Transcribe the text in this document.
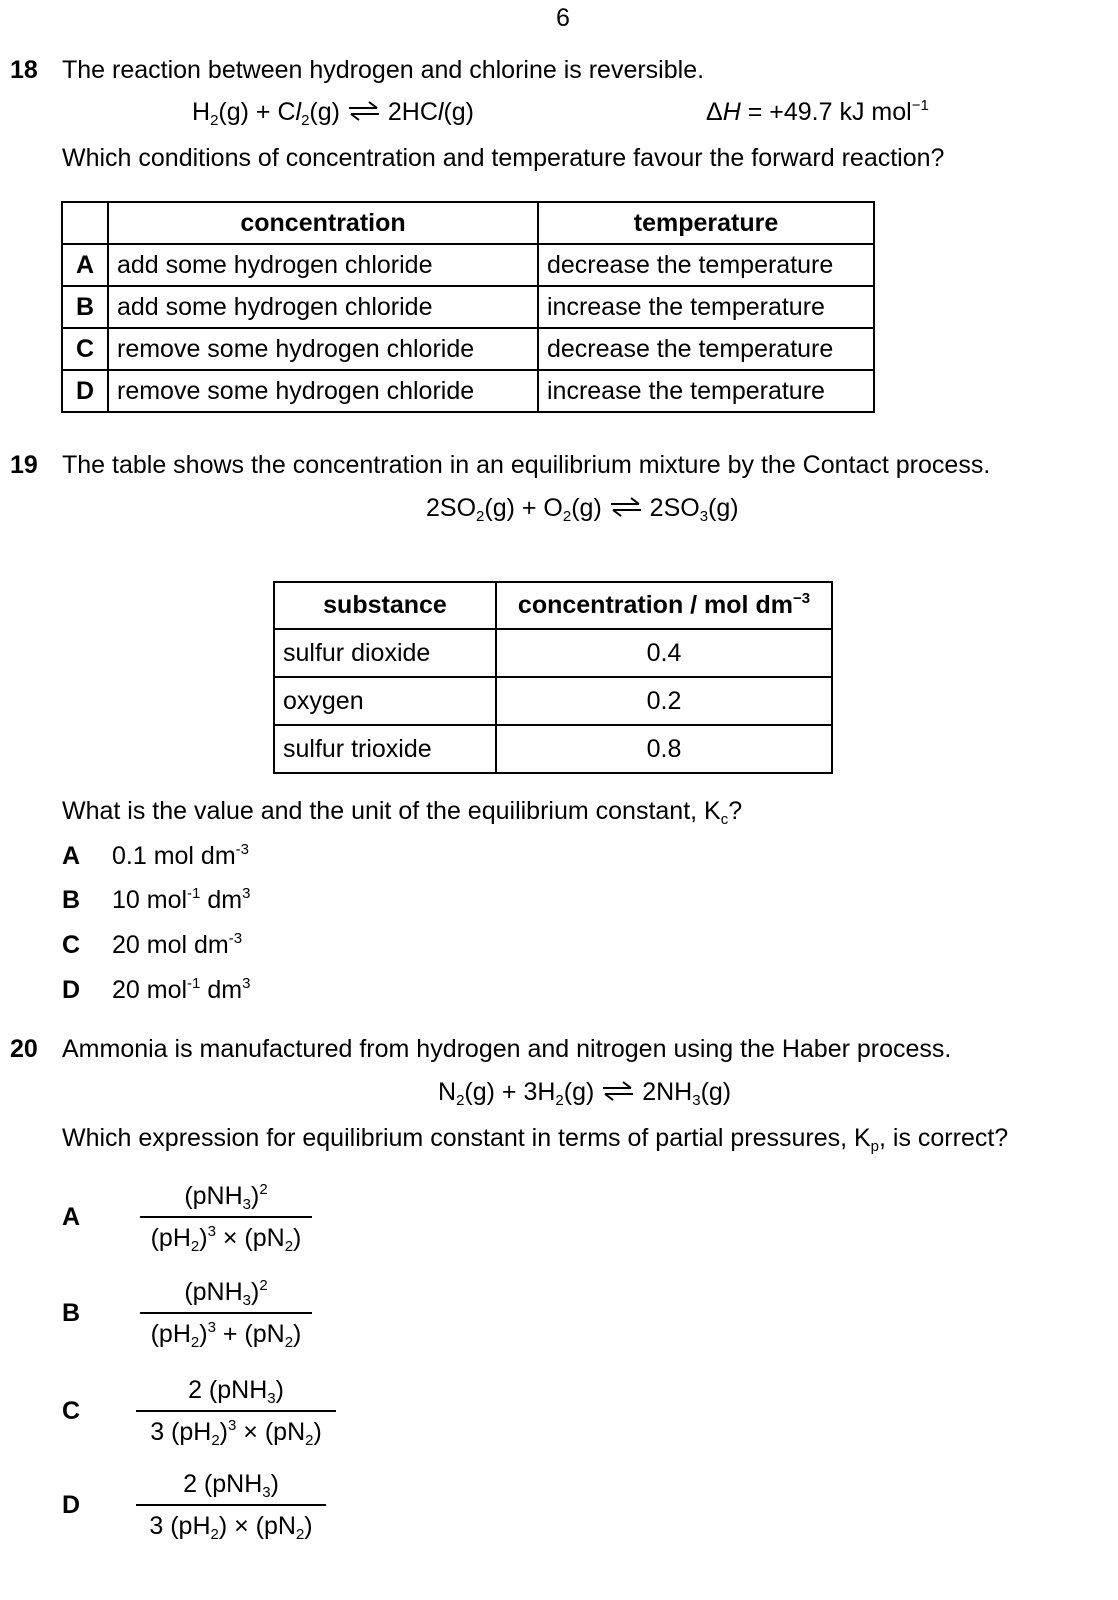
6
18 The reaction between hydrogen and chlorine is reversible.
$H_2(g) + Cl_2(g)$ ⇌ 2HCl(g)	ΔH = +49.7 kJ mol$^{-1}$
Which conditions of concentration and temperature favour the forward reaction?
	concentration	temperature
A	add some hydrogen chloride	decrease the temperature
B	add some hydrogen chloride	increase the temperature
C	remove some hydrogen chloride	decrease the temperature
D	remove some hydrogen chloride	increase the temperature
19 The table shows the concentration in an equilibrium mixture by the Contact process.
$2SO_2(g) + O_2(g)$ ⇌ $2SO_3(g)$
substance	concentration / mol $dm^{-3}$
sulfur dioxide	0.4
oxygen	0.2
sulfur trioxide	0.8
What is the value and the unit of the equilibrium constant, $K_c$?
A 0.1 mol $dm^{-3}$
B 10 mol$^{-1}$ $dm^3$
C 20 mol $dm^{-3}$
D 20 mol$^{-1}$ $dm^3$
20 Ammonia is manufactured from hydrogen and nitrogen using the Haber process.
$N_2(g) + 3H_2(g)$ ⇌ $2NH_3(g)$
Which expression for equilibrium constant in terms of partial pressures, $K_p$, is correct?
A
$(pNH_3)^2$
$(pH_2)^3 \times (pN_2)$
B
$(pNH_3)^2$
$(pH_2)^3 + (pN_2)$
C
2 (pNH$_3$)
3 $(pH_2)^3 \times (pN_2)$
D
2 (pNH$_3$)
3 $(pH_2) \times (pN_2)$
